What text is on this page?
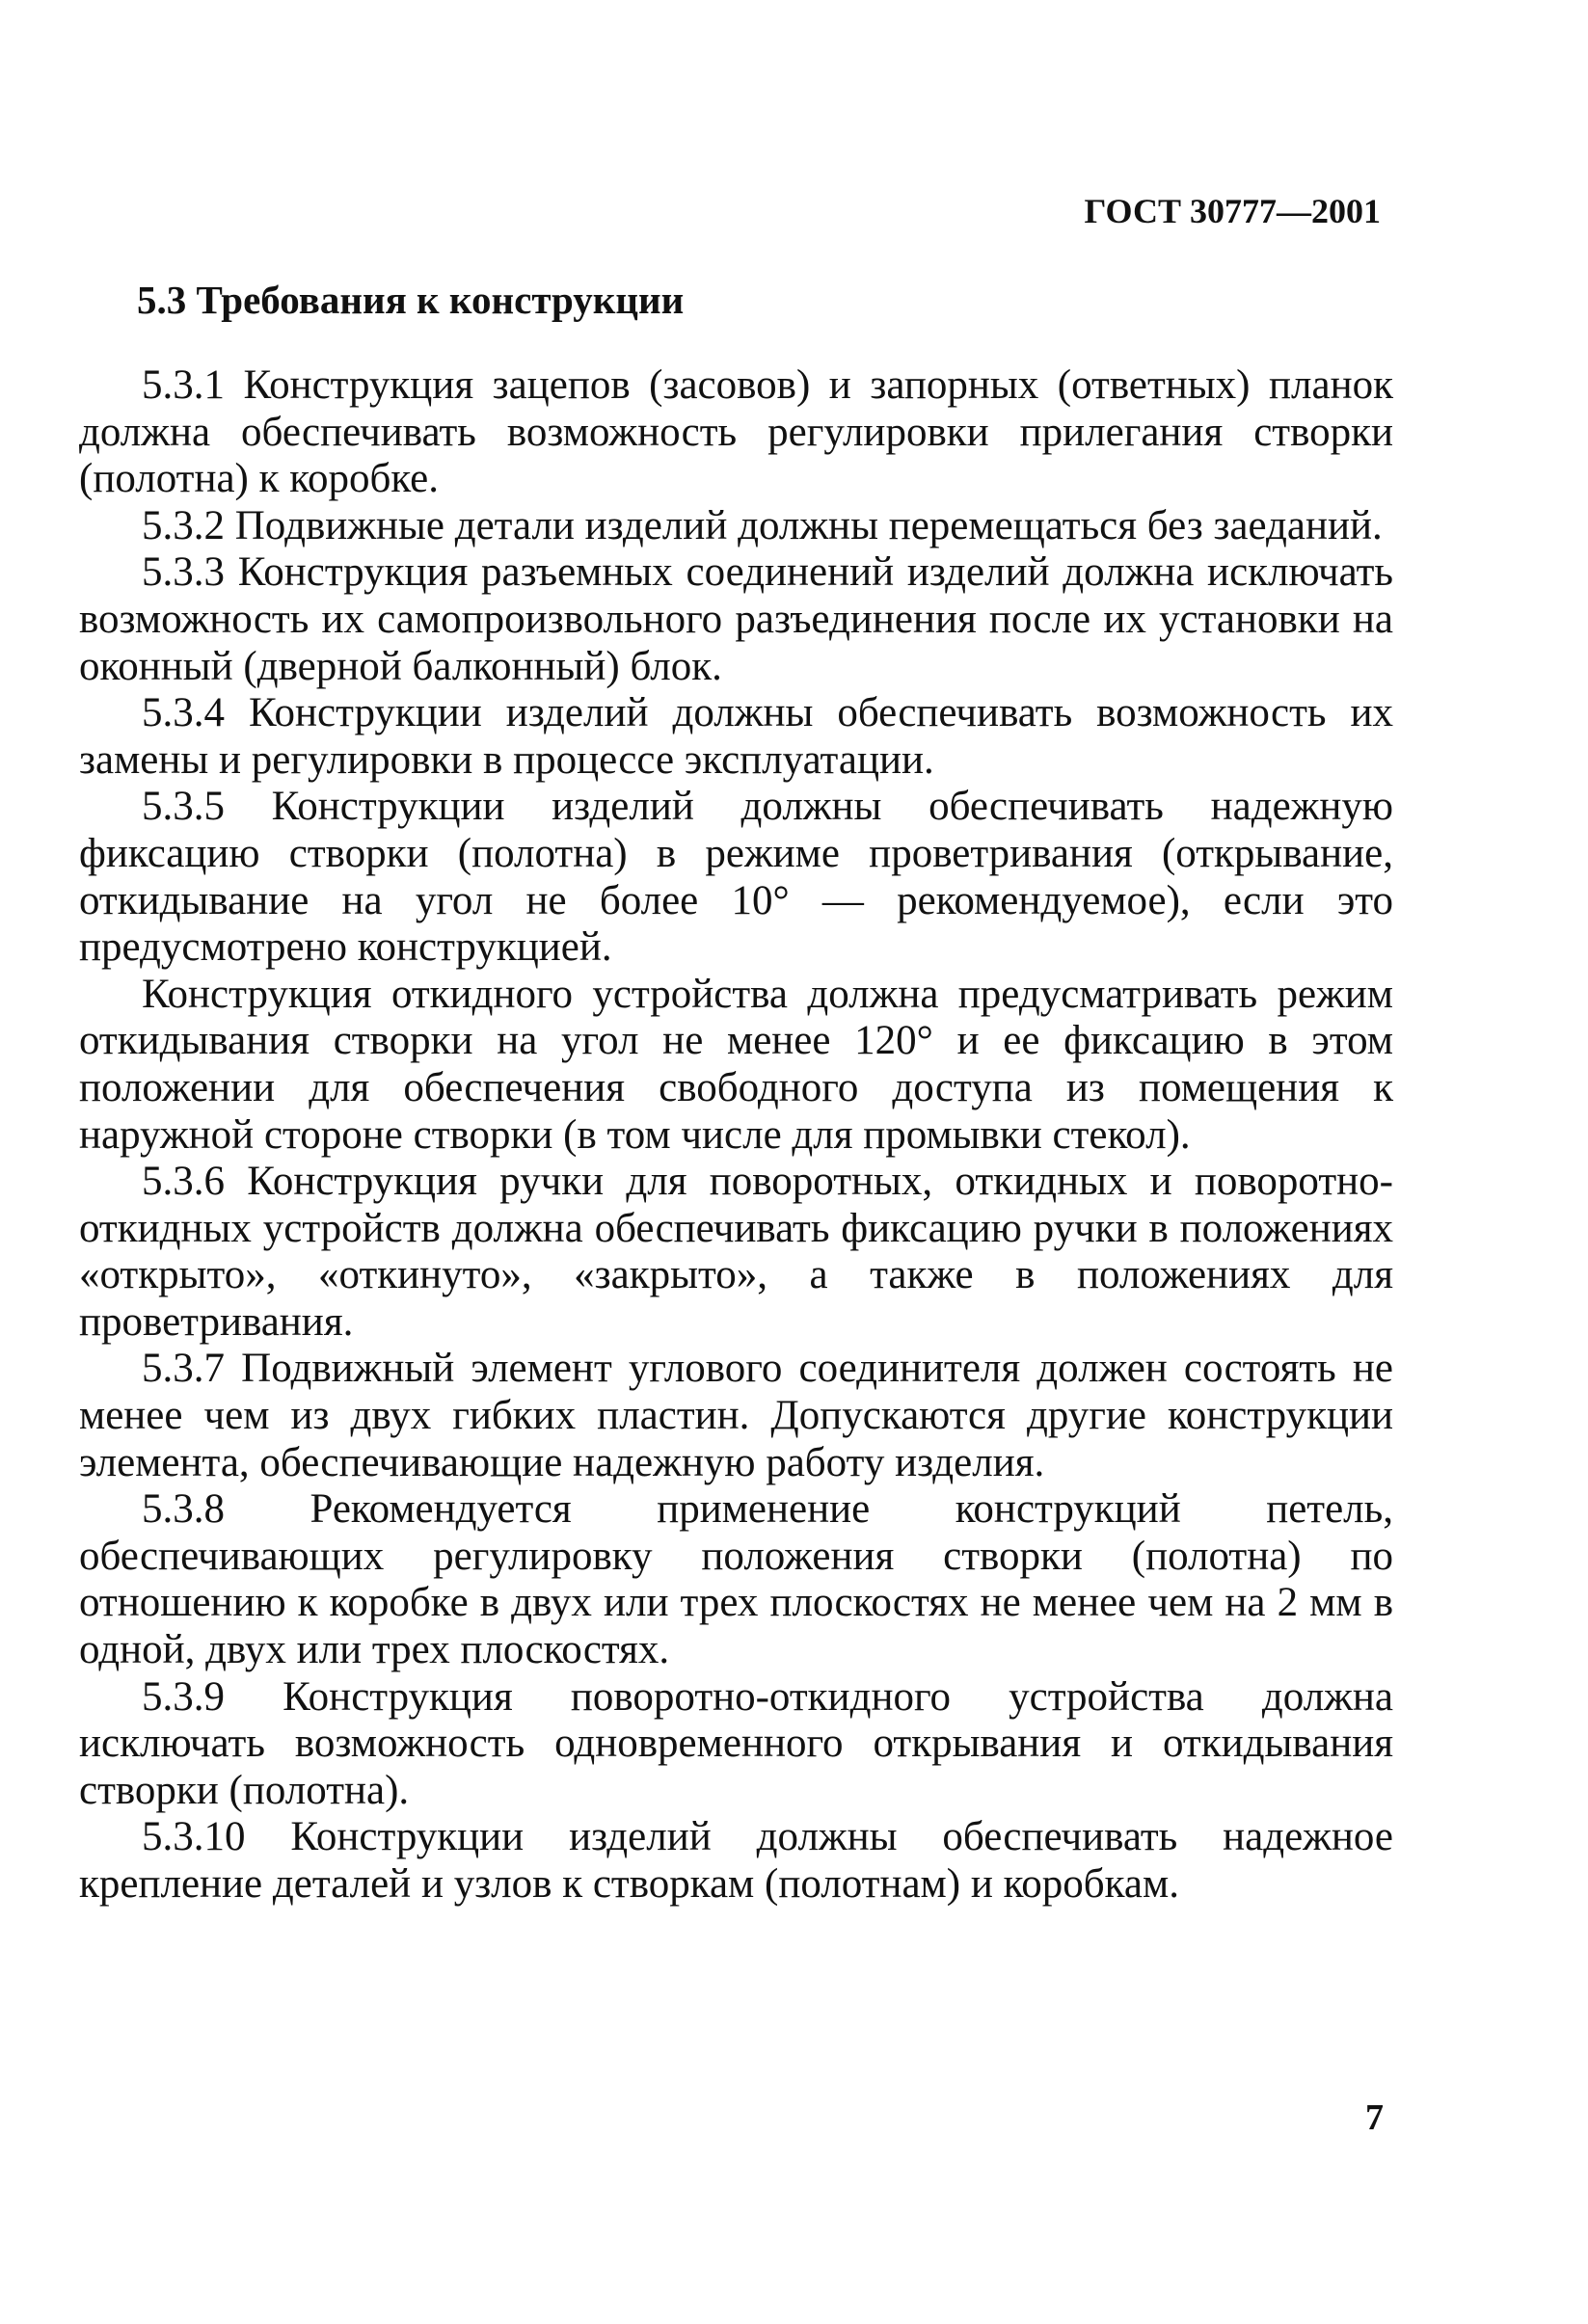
ГОСТ 30777—2001
5.3 Требования к конструкции

5.3.1 Конструкция зацепов (засовов) и запорных (ответных) планок должна обеспечивать возможность регулировки прилегания створки (полотна) к коробке.

5.3.2 Подвижные детали изделий должны перемещаться без заеданий.

5.3.3 Конструкция разъемных соединений изделий должна исключать возможность их самопроизвольного разъединения после их установки на оконный (дверной балконный) блок.

5.3.4 Конструкции изделий должны обеспечивать возможность их замены и регулировки в процессе эксплуатации.

5.3.5 Конструкции изделий должны обеспечивать надежную фиксацию створки (полотна) в режиме проветривания (открывание, откидывание на угол не более 10° — рекомендуемое), если это предусмотрено конструкцией.

Конструкция откидного устройства должна предусматривать режим откидывания створки на угол не менее 120° и ее фиксацию в этом положении для обеспечения свободного доступа из помещения к наружной стороне створки (в том числе для промывки стекол).

5.3.6 Конструкция ручки для поворотных, откидных и поворотно-откидных устройств должна обеспечивать фиксацию ручки в положениях «открыто», «откинуто», «закрыто», а также в положениях для проветривания.

5.3.7 Подвижный элемент углового соединителя должен состоять не менее чем из двух гибких пластин. Допускаются другие конструкции элемента, обеспечивающие надежную работу изделия.

5.3.8 Рекомендуется применение конструкций петель, обеспечивающих регулировку положения створки (полотна) по отношению к коробке в двух или трех плоскостях не менее чем на 2 мм в одной, двух или трех плоскостях.

5.3.9 Конструкция поворотно-откидного устройства должна исключать возможность одновременного открывания и откидывания створки (полотна).

5.3.10 Конструкции изделий должны обеспечивать надежное крепление деталей и узлов к створкам (полотнам) и коробкам.

7
